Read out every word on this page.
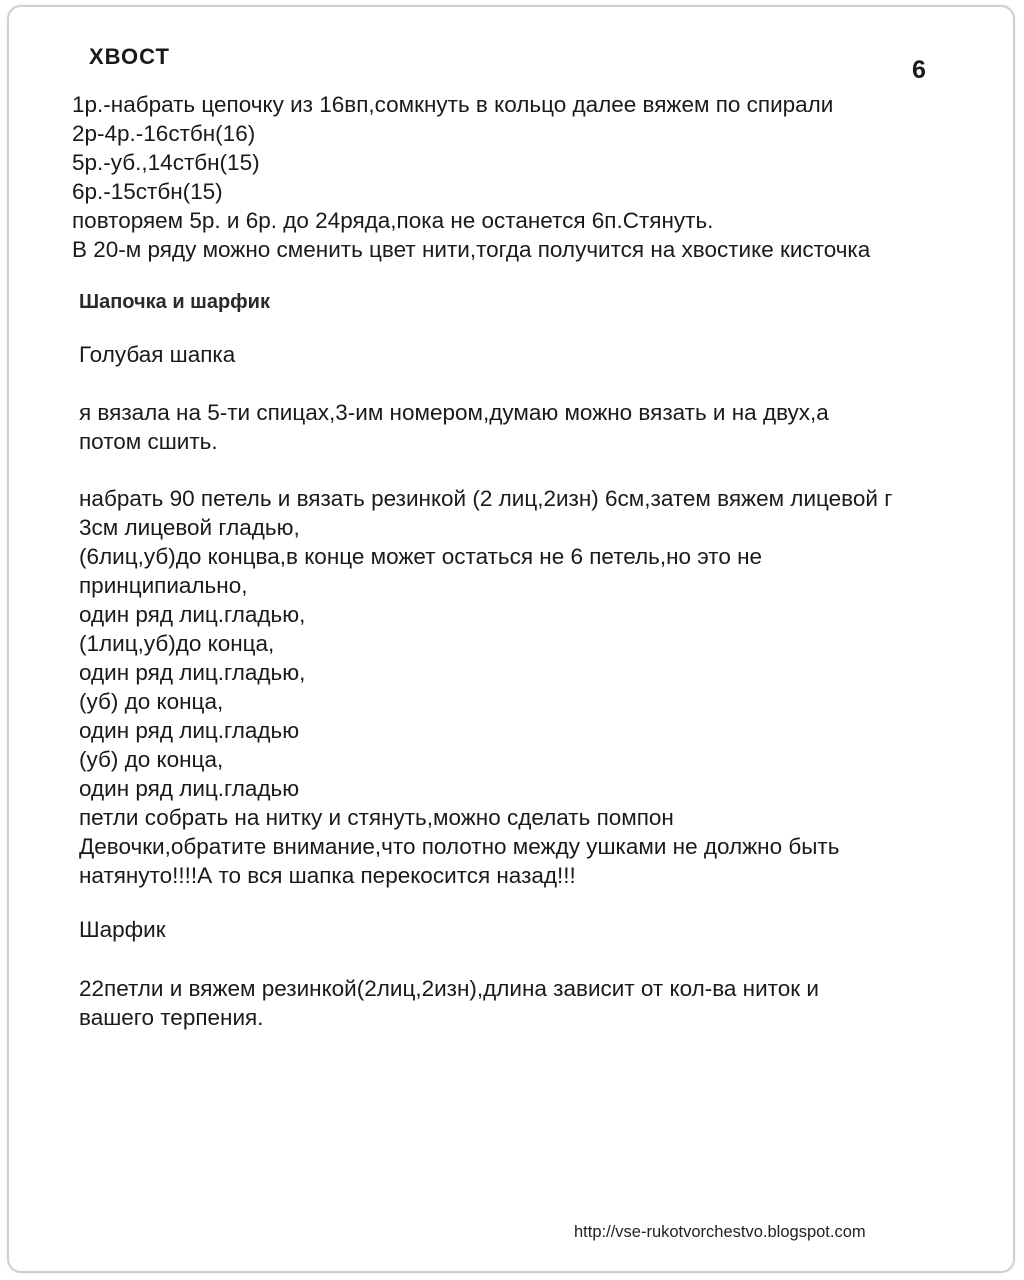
ХВОСТ	6
1р.-набрать цепочку из 16вп,сомкнуть в кольцо далее вяжем по спирали
2р-4р.-16стбн(16)
5р.-уб.,14стбн(15)
6р.-15стбн(15)
повторяем 5р. и 6р. до 24ряда,пока не останется 6п.Стянуть.
В 20-м ряду можно сменить цвет нити,тогда получится на хвостике кисточка
Шапочка и шарфик
Голубая шапка
я вязала на 5-ти спицах,3-им номером,думаю можно вязать и на двух,а
потом сшить.
набрать 90 петель и вязать резинкой (2 лиц,2изн) 6см,затем вяжем лицевой г
3см лицевой гладью,
(6лиц,уб)до концва,в конце может остаться не 6 петель,но это не
принципиально,
один ряд лиц.гладью,
(1лиц,уб)до конца,
один ряд лиц.гладью,
(уб) до конца,
один ряд лиц.гладью
(уб) до конца,
один ряд лиц.гладью
петли собрать на нитку и стянуть,можно сделать помпон
Девочки,обратите внимание,что полотно между ушками не должно быть
натянуто!!!!А то вся шапка перекосится назад!!!
Шарфик
22петли и вяжем резинкой(2лиц,2изн),длина зависит от кол-ва ниток и
вашего терпения.
http://vse-rukotvorchestvo.blogspot.com
